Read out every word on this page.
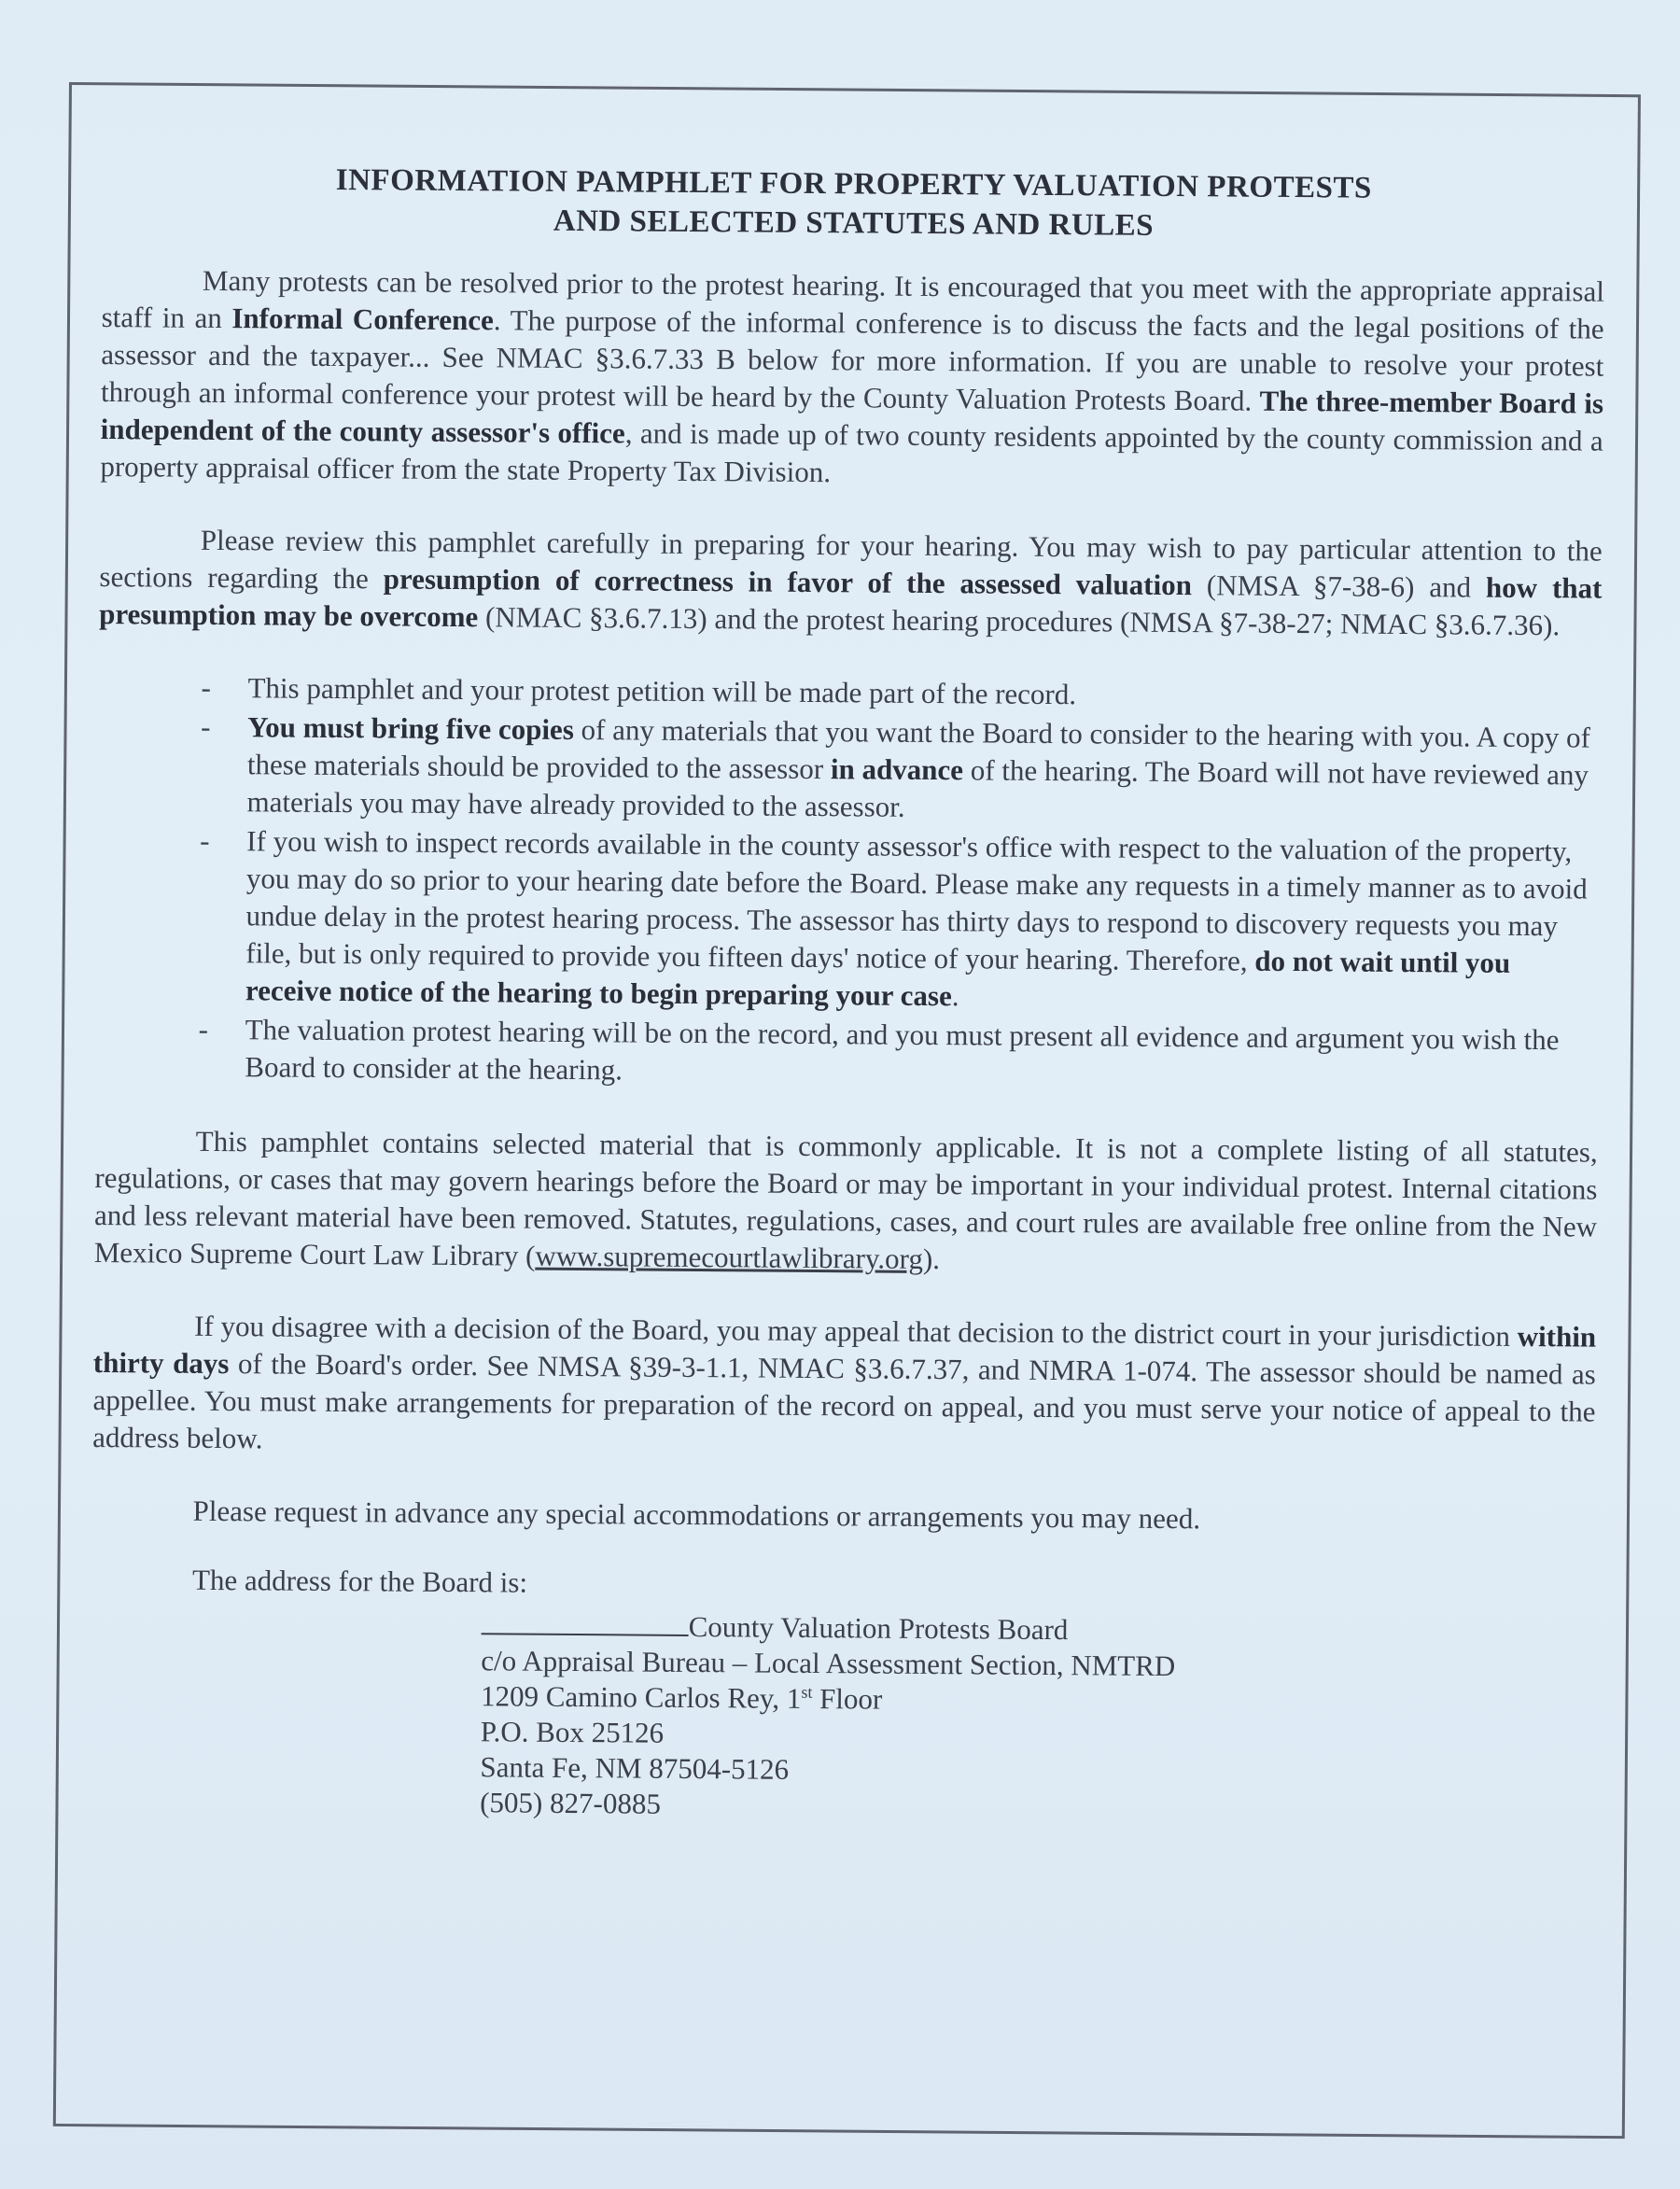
INFORMATION PAMPHLET FOR PROPERTY VALUATION PROTESTS
AND SELECTED STATUTES AND RULES

Many protests can be resolved prior to the protest hearing. It is encouraged that you meet with the appropriate appraisal staff in an Informal Conference. The purpose of the informal conference is to discuss the facts and the legal positions of the assessor and the taxpayer... See NMAC §3.6.7.33 B below for more information. If you are unable to resolve your protest through an informal conference your protest will be heard by the County Valuation Protests Board. The three-member Board is independent of the county assessor's office, and is made up of two county residents appointed by the county commission and a property appraisal officer from the state Property Tax Division.

Please review this pamphlet carefully in preparing for your hearing. You may wish to pay particular attention to the sections regarding the presumption of correctness in favor of the assessed valuation (NMSA §7-38-6) and how that presumption may be overcome (NMAC §3.6.7.13) and the protest hearing procedures (NMSA §7-38-27; NMAC §3.6.7.36).

- This pamphlet and your protest petition will be made part of the record.
- You must bring five copies of any materials that you want the Board to consider to the hearing with you. A copy of these materials should be provided to the assessor in advance of the hearing. The Board will not have reviewed any materials you may have already provided to the assessor.
- If you wish to inspect records available in the county assessor's office with respect to the valuation of the property, you may do so prior to your hearing date before the Board. Please make any requests in a timely manner as to avoid undue delay in the protest hearing process. The assessor has thirty days to respond to discovery requests you may file, but is only required to provide you fifteen days' notice of your hearing. Therefore, do not wait until you receive notice of the hearing to begin preparing your case.
- The valuation protest hearing will be on the record, and you must present all evidence and argument you wish the Board to consider at the hearing.

This pamphlet contains selected material that is commonly applicable. It is not a complete listing of all statutes, regulations, or cases that may govern hearings before the Board or may be important in your individual protest. Internal citations and less relevant material have been removed. Statutes, regulations, cases, and court rules are available free online from the New Mexico Supreme Court Law Library (www.supremecourtlawlibrary.org).

If you disagree with a decision of the Board, you may appeal that decision to the district court in your jurisdiction within thirty days of the Board's order. See NMSA §39-3-1.1, NMAC §3.6.7.37, and NMRA 1-074. The assessor should be named as appellee. You must make arrangements for preparation of the record on appeal, and you must serve your notice of appeal to the address below.

Please request in advance any special accommodations or arrangements you may need.

The address for the Board is:

County Valuation Protests Board
c/o Appraisal Bureau – Local Assessment Section, NMTRD
1209 Camino Carlos Rey, 1st Floor
P.O. Box 25126
Santa Fe, NM 87504-5126
(505) 827-0885
